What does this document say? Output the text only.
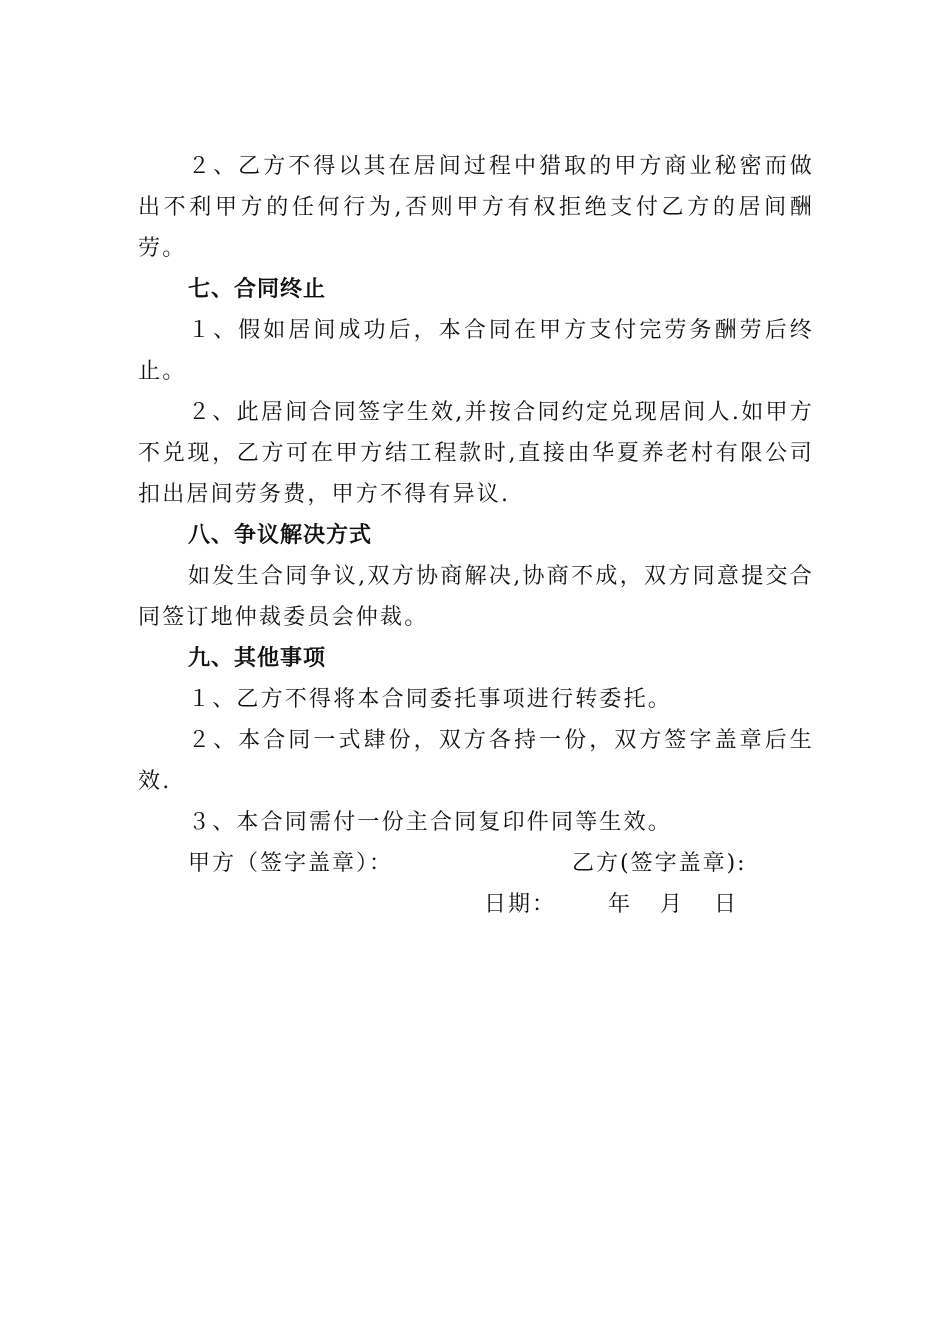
２、乙方不得以其在居间过程中猎取的甲方商业秘密而做出不利甲方的任何行为,否则甲方有权拒绝支付乙方的居间酬劳。

七、合同终止

１、假如居间成功后，本合同在甲方支付完劳务酬劳后终止。

２、此居间合同签字生效,并按合同约定兑现居间人.如甲方不兑现，乙方可在甲方结工程款时,直接由华夏养老村有限公司扣出居间劳务费，甲方不得有异议.

八、争议解决方式

如发生合同争议,双方协商解决,协商不成，双方同意提交合同签订地仲裁委员会仲裁。

九、其他事项

１、乙方不得将本合同委托事项进行转委托。

２、本合同一式肆份，双方各持一份，双方签字盖章后生效.

３、本合同需付一份主合同复印件同等生效。

甲方（签字盖章）：	乙方(签字盖章):
日期： 年 月 日
